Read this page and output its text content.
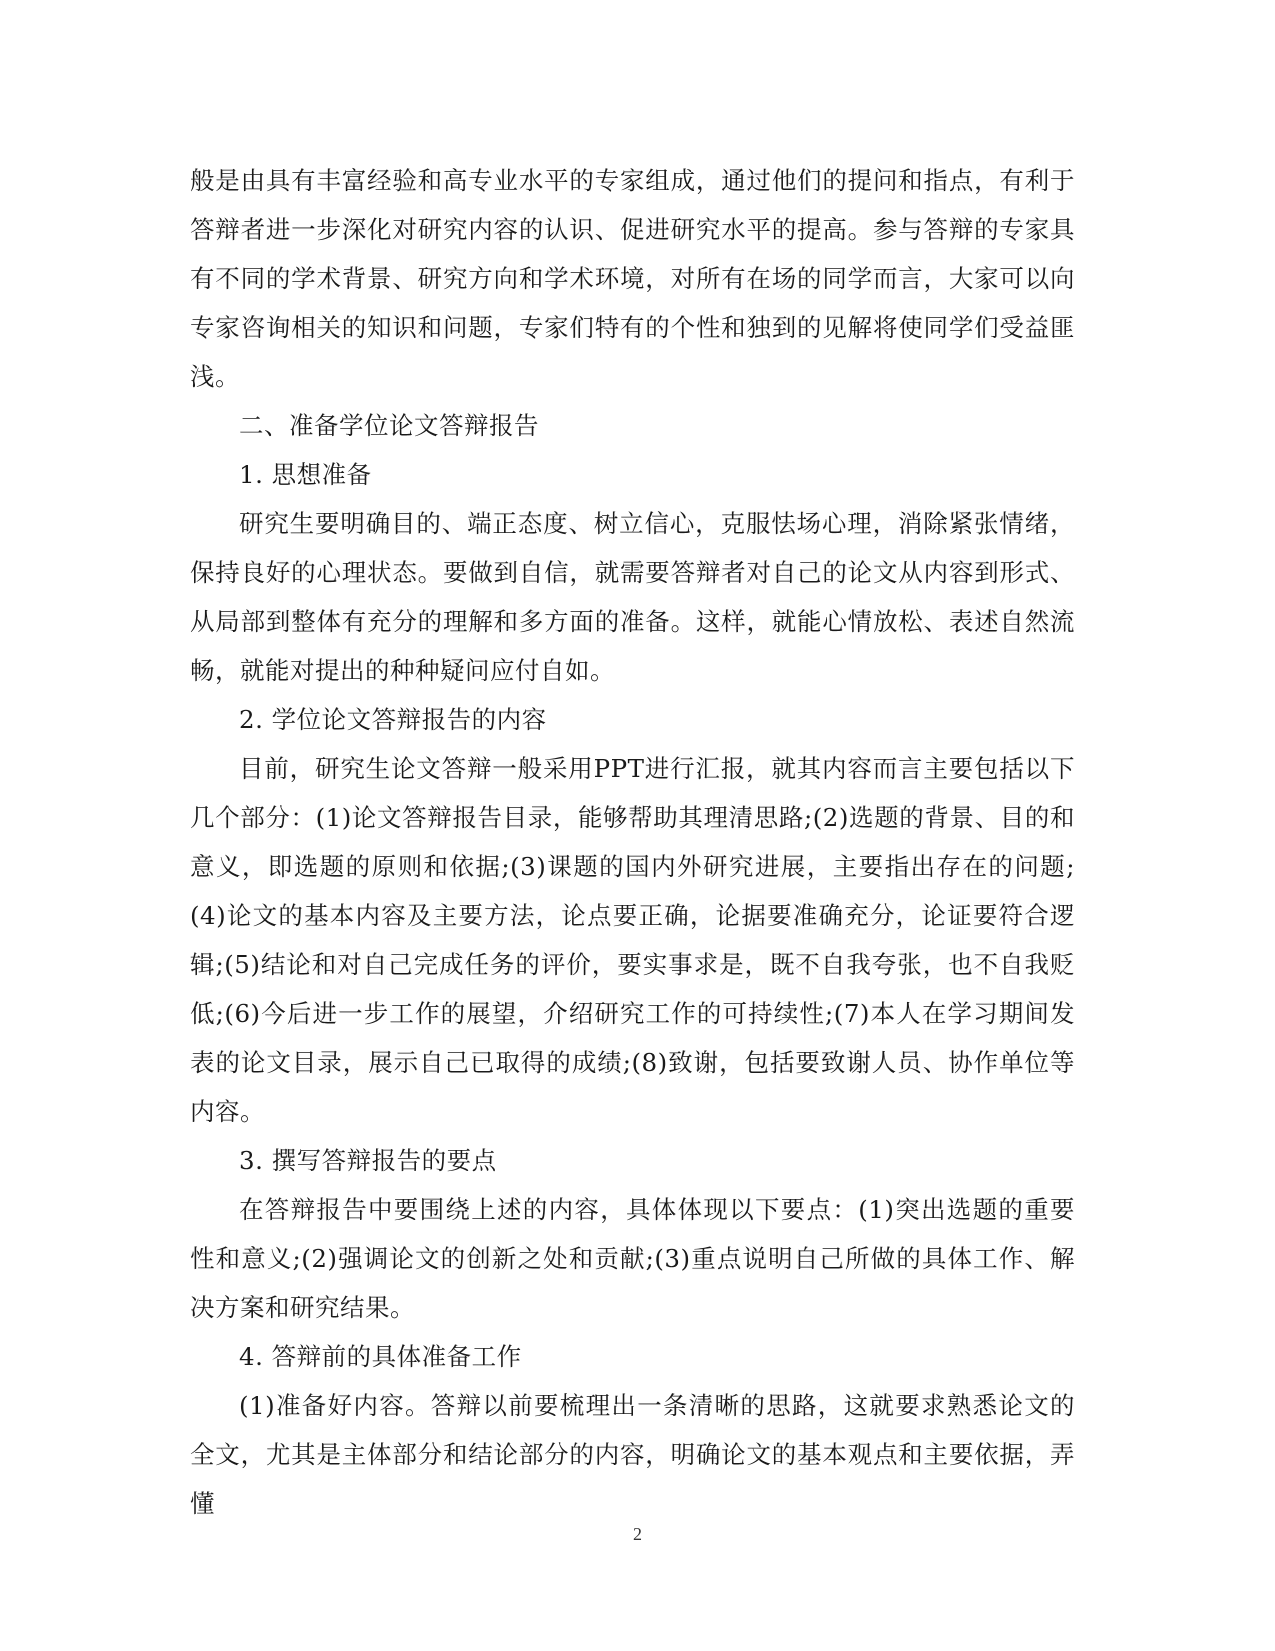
般是由具有丰富经验和高专业水平的专家组成，通过他们的提问和指点，有利于答辩者进一步深化对研究内容的认识、促进研究水平的提高。参与答辩的专家具有不同的学术背景、研究方向和学术环境，对所有在场的同学而言，大家可以向专家咨询相关的知识和问题，专家们特有的个性和独到的见解将使同学们受益匪浅。

二、准备学位论文答辩报告

1. 思想准备

研究生要明确目的、端正态度、树立信心，克服怯场心理，消除紧张情绪，保持良好的心理状态。要做到自信，就需要答辩者对自己的论文从内容到形式、从局部到整体有充分的理解和多方面的准备。这样，就能心情放松、表述自然流畅，就能对提出的种种疑问应付自如。

2. 学位论文答辩报告的内容

目前，研究生论文答辩一般采用PPT进行汇报，就其内容而言主要包括以下几个部分：(1)论文答辩报告目录，能够帮助其理清思路;(2)选题的背景、目的和意义，即选题的原则和依据;(3)课题的国内外研究进展，主要指出存在的问题;(4)论文的基本内容及主要方法，论点要正确，论据要准确充分，论证要符合逻辑;(5)结论和对自己完成任务的评价，要实事求是，既不自我夸张，也不自我贬低;(6)今后进一步工作的展望，介绍研究工作的可持续性;(7)本人在学习期间发表的论文目录，展示自己已取得的成绩;(8)致谢，包括要致谢人员、协作单位等内容。

3. 撰写答辩报告的要点

在答辩报告中要围绕上述的内容，具体体现以下要点：(1)突出选题的重要性和意义;(2)强调论文的创新之处和贡献;(3)重点说明自己所做的具体工作、解决方案和研究结果。

4. 答辩前的具体准备工作

(1)准备好内容。答辩以前要梳理出一条清晰的思路，这就要求熟悉论文的全文，尤其是主体部分和结论部分的内容，明确论文的基本观点和主要依据，弄懂

2
